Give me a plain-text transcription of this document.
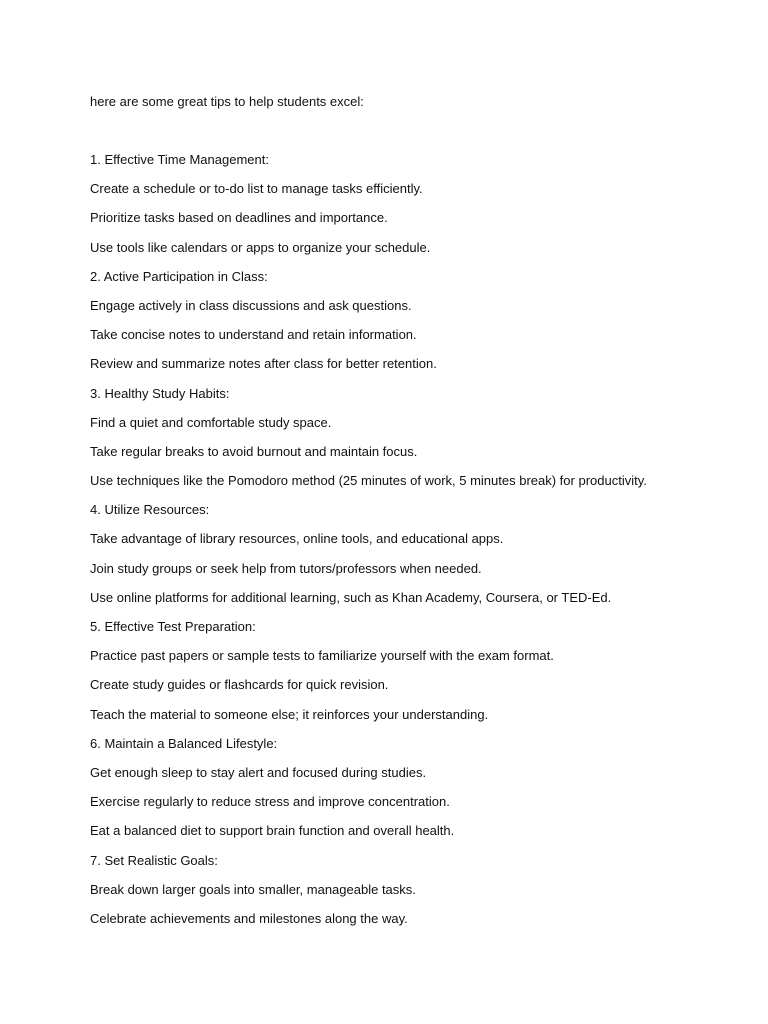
here are some great tips to help students excel:

1. Effective Time Management:
Create a schedule or to-do list to manage tasks efficiently.
Prioritize tasks based on deadlines and importance.
Use tools like calendars or apps to organize your schedule.
2. Active Participation in Class:
Engage actively in class discussions and ask questions.
Take concise notes to understand and retain information.
Review and summarize notes after class for better retention.
3. Healthy Study Habits:
Find a quiet and comfortable study space.
Take regular breaks to avoid burnout and maintain focus.
Use techniques like the Pomodoro method (25 minutes of work, 5 minutes break) for productivity.
4. Utilize Resources:
Take advantage of library resources, online tools, and educational apps.
Join study groups or seek help from tutors/professors when needed.
Use online platforms for additional learning, such as Khan Academy, Coursera, or TED-Ed.
5. Effective Test Preparation:
Practice past papers or sample tests to familiarize yourself with the exam format.
Create study guides or flashcards for quick revision.
Teach the material to someone else; it reinforces your understanding.
6. Maintain a Balanced Lifestyle:
Get enough sleep to stay alert and focused during studies.
Exercise regularly to reduce stress and improve concentration.
Eat a balanced diet to support brain function and overall health.
7. Set Realistic Goals:
Break down larger goals into smaller, manageable tasks.
Celebrate achievements and milestones along the way.
